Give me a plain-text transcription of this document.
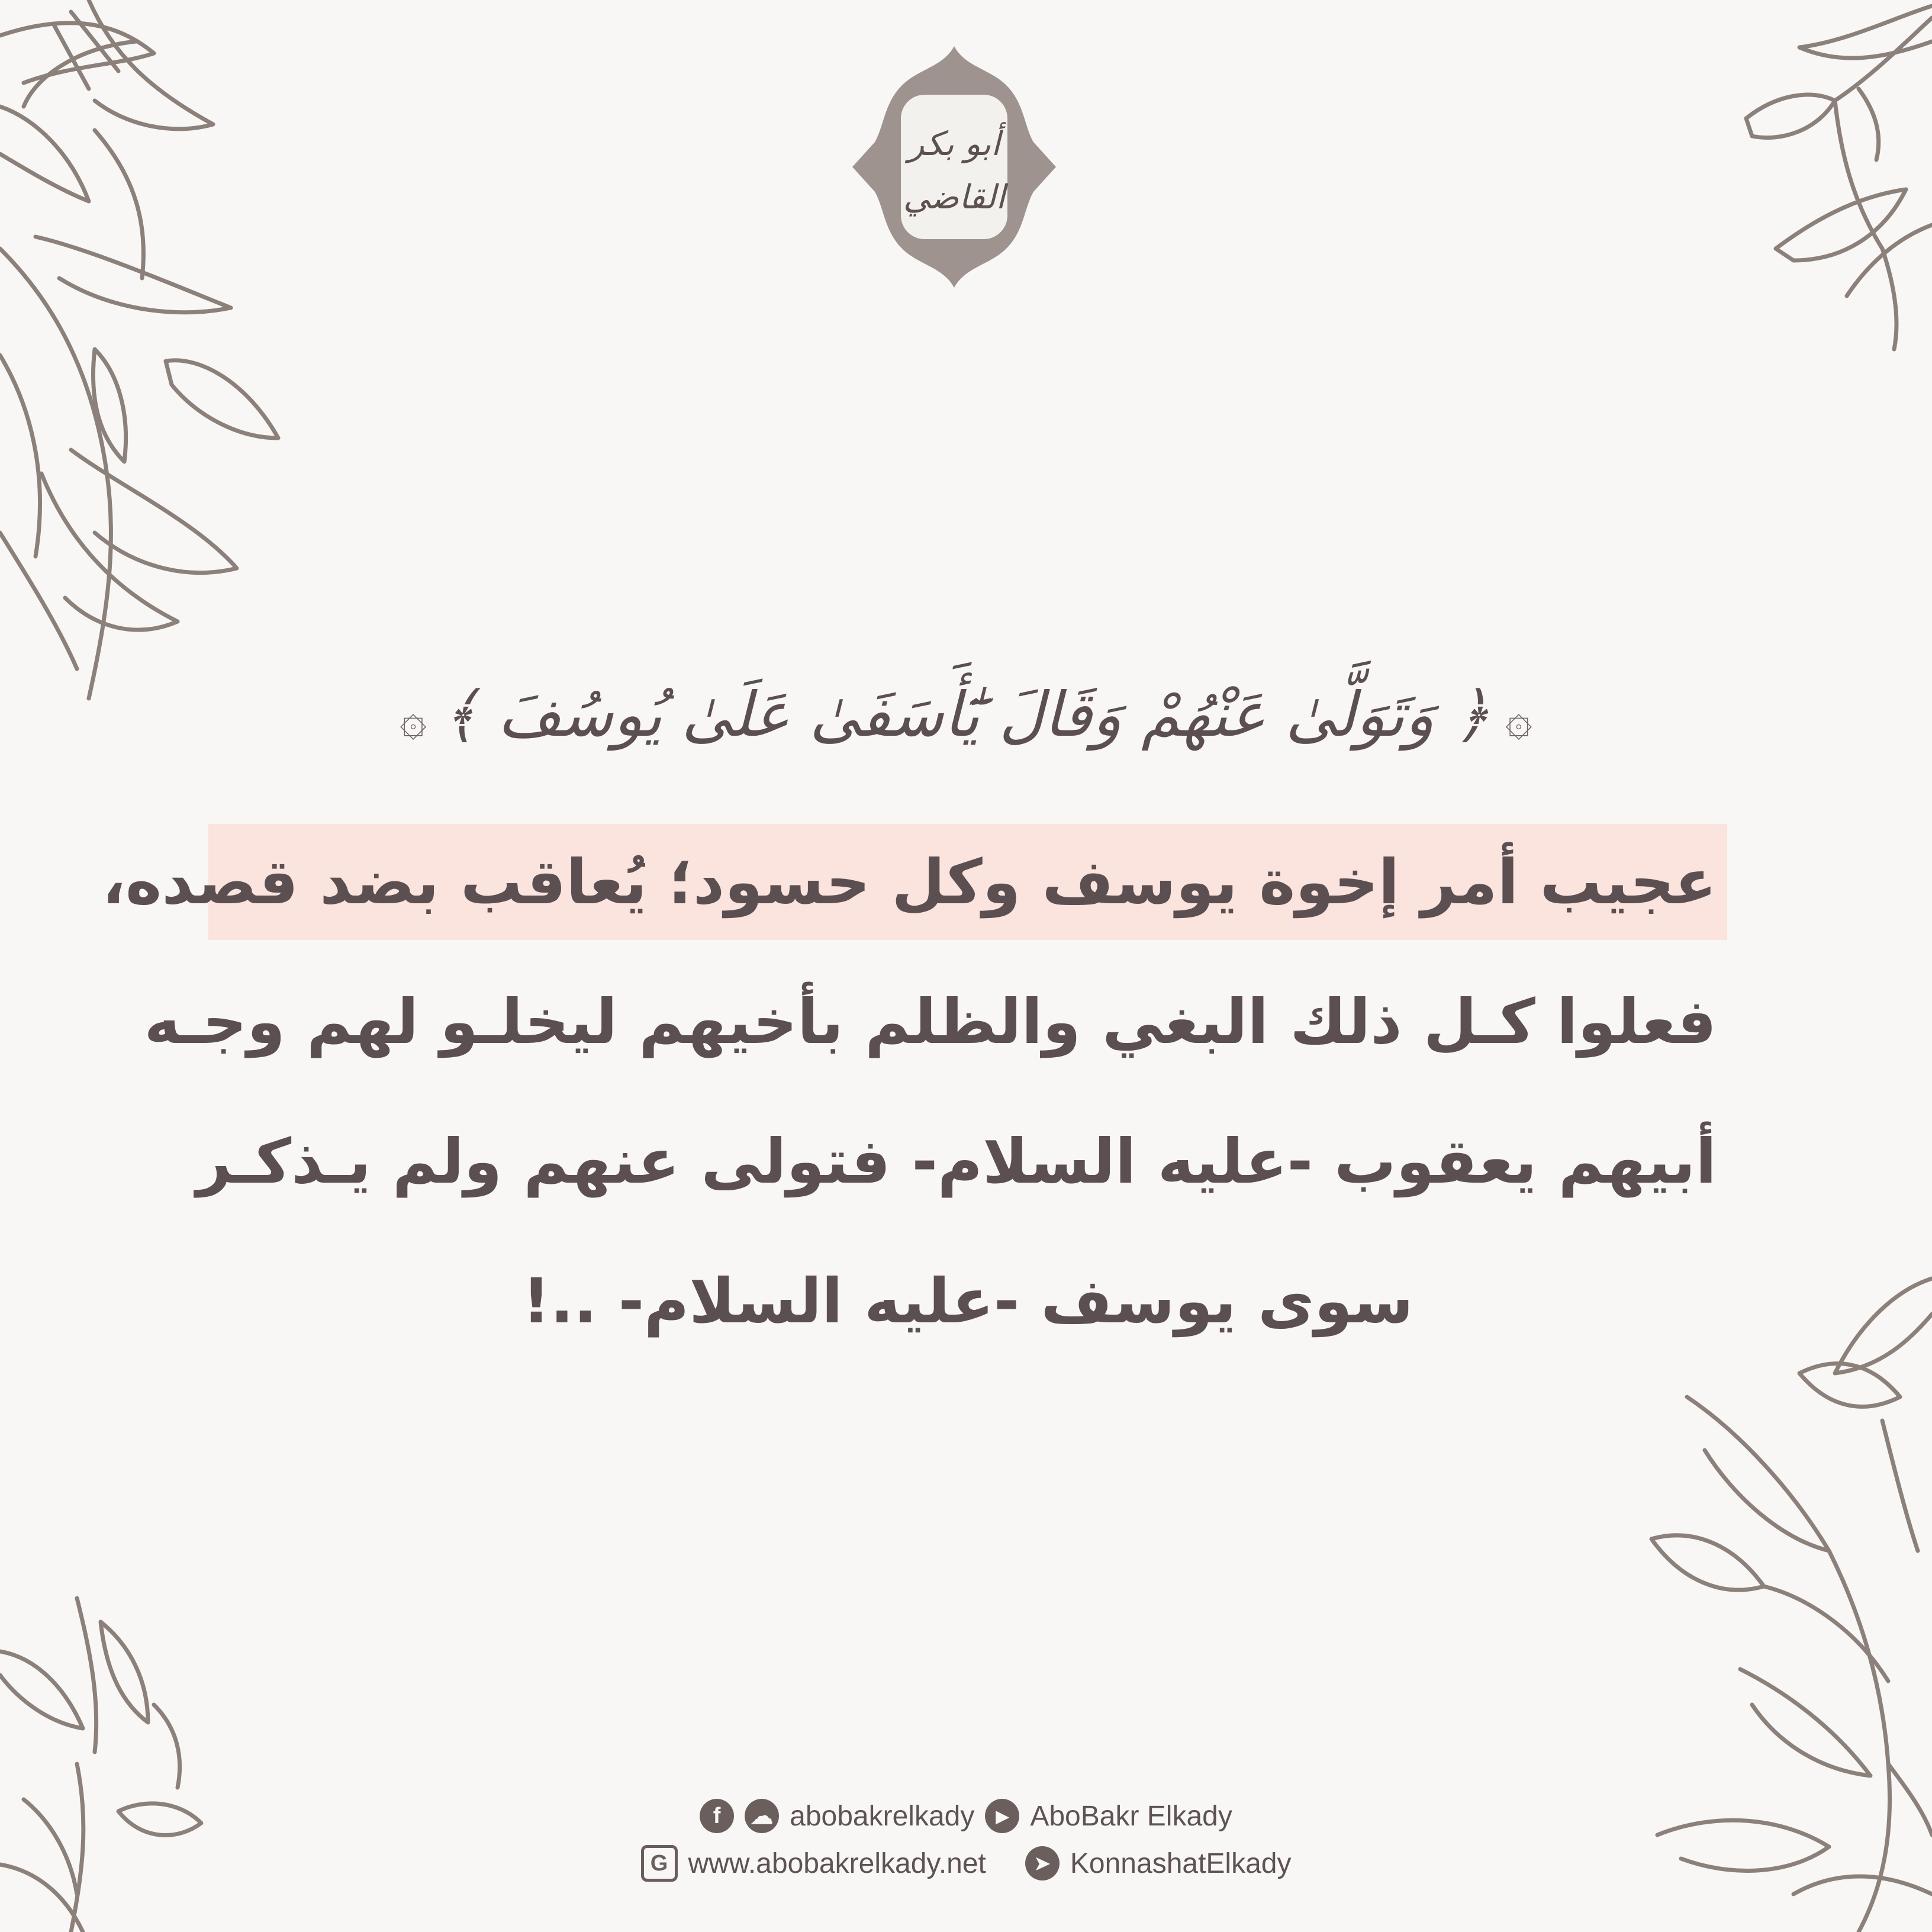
أبو بكر
القاضي
۞﴿ وَتَوَلَّىٰ عَنْهُمْ وَقَالَ يَٰٓأَسَفَىٰ عَلَىٰ يُوسُفَ ﴾۞
عجيب أمر إخوة يوسف وكل حسود؛ يُعاقب بضد قصده،
فعلوا كـل ذلك البغي والظلم بأخيهم ليخلـو لهم وجـه
أبيهم يعقوب -عليه السلام- فتولى عنهم ولم يـذكـر
سوى يوسف -عليه السلام- ..!
f	☁ abobakrelkady	▶ AboBakr Elkady
G www.abobakrelkady.net	➤ KonnashatElkady
